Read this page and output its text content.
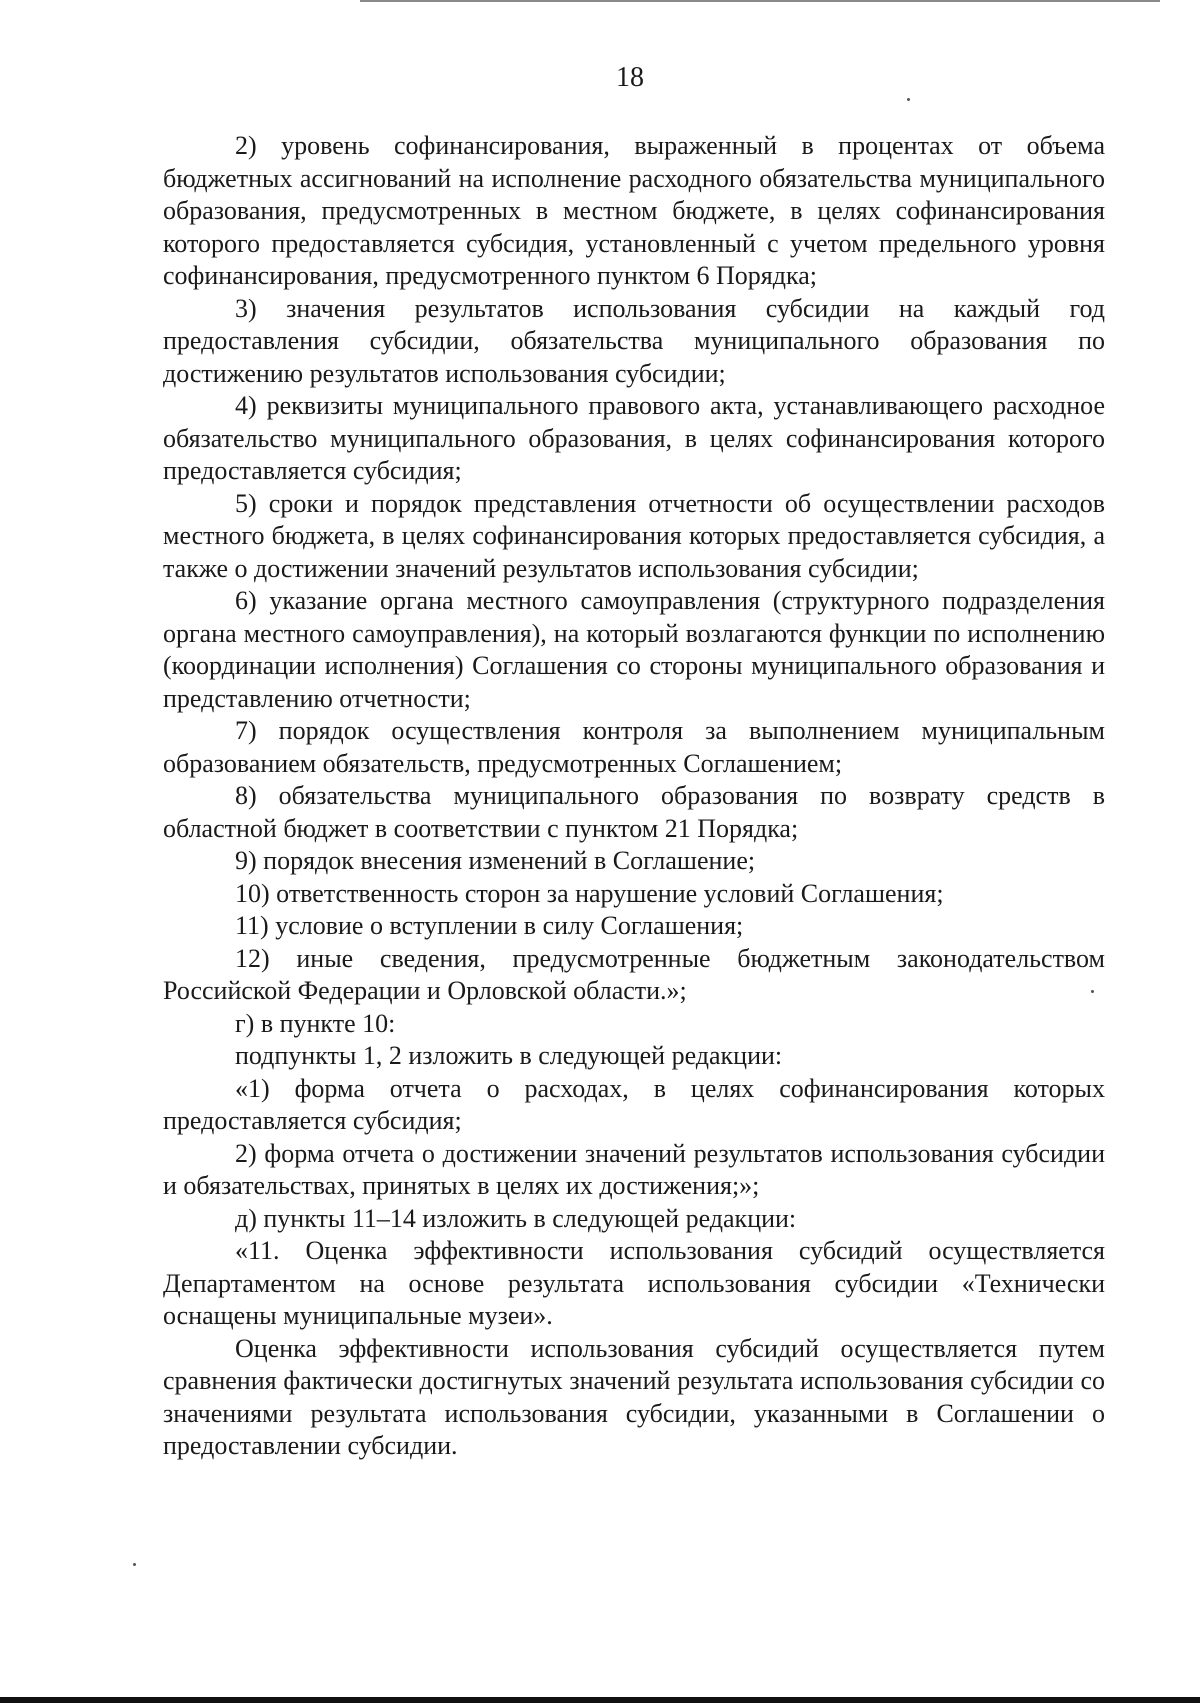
18

2) уровень софинансирования, выраженный в процентах от объема бюджетных ассигнований на исполнение расходного обязательства муниципального образования, предусмотренных в местном бюджете, в целях софинансирования которого предоставляется субсидия, установленный с учетом предельного уровня софинансирования, предусмотренного пунктом 6 Порядка;

3) значения результатов использования субсидии на каждый год предоставления субсидии, обязательства муниципального образования по достижению результатов использования субсидии;

4) реквизиты муниципального правового акта, устанавливающего расходное обязательство муниципального образования, в целях софинансирования которого предоставляется субсидия;

5) сроки и порядок представления отчетности об осуществлении расходов местного бюджета, в целях софинансирования которых предоставляется субсидия, а также о достижении значений результатов использования субсидии;

6) указание органа местного самоуправления (структурного подразделения органа местного самоуправления), на который возлагаются функции по исполнению (координации исполнения) Соглашения со стороны муниципального образования и представлению отчетности;

7) порядок осуществления контроля за выполнением муниципальным образованием обязательств, предусмотренных Соглашением;

8) обязательства муниципального образования по возврату средств в областной бюджет в соответствии с пунктом 21 Порядка;

9) порядок внесения изменений в Соглашение;

10) ответственность сторон за нарушение условий Соглашения;

11) условие о вступлении в силу Соглашения;

12) иные сведения, предусмотренные бюджетным законодательством Российской Федерации и Орловской области.»;

г) в пункте 10:

подпункты 1, 2 изложить в следующей редакции:

«1) форма отчета о расходах, в целях софинансирования которых предоставляется субсидия;

2) форма отчета о достижении значений результатов использования субсидии и обязательствах, принятых в целях их достижения;»;

д) пункты 11–14 изложить в следующей редакции:

«11. Оценка эффективности использования субсидий осуществляется Департаментом на основе результата использования субсидии «Технически оснащены муниципальные музеи».

Оценка эффективности использования субсидий осуществляется путем сравнения фактически достигнутых значений результата использования субсидии со значениями результата использования субсидии, указанными в Соглашении о предоставлении субсидии.
